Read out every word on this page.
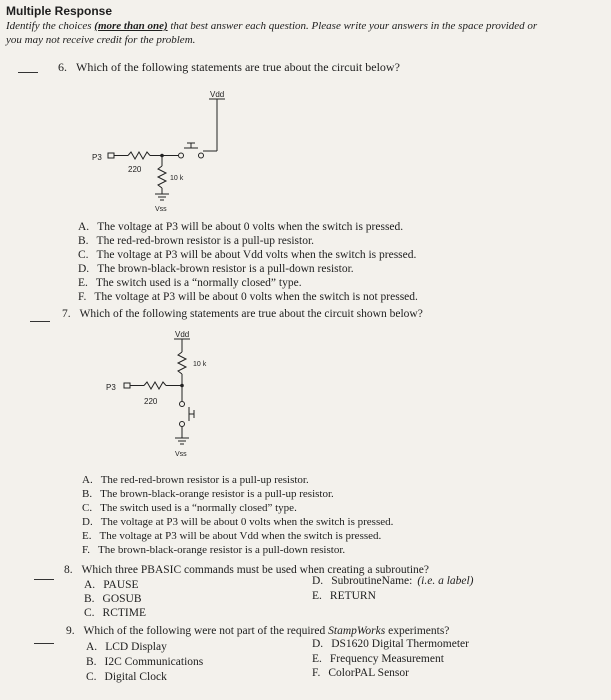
Multiple Response
Identify the choices (more than one) that best answer each question. Please write your answers in the space provided or
you may not receive credit for the problem.
6. Which of the following statements are true about the circuit below?
Vdd
P3
220
10 k
Vss
A. The voltage at P3 will be about 0 volts when the switch is pressed.
B. The red-red-brown resistor is a pull-up resistor.
C. The voltage at P3 will be about Vdd volts when the switch is pressed.
D. The brown-black-brown resistor is a pull-down resistor.
E. The switch used is a “normally closed” type.
F. The voltage at P3 will be about 0 volts when the switch is not pressed.
7. Which of the following statements are true about the circuit shown below?
Vdd
10 k
P3
220
Vss
A. The red-red-brown resistor is a pull-up resistor.
B. The brown-black-orange resistor is a pull-up resistor.
C. The switch used is a “normally closed” type.
D. The voltage at P3 will be about 0 volts when the switch is pressed.
E. The voltage at P3 will be about Vdd when the switch is pressed.
F. The brown-black-orange resistor is a pull-down resistor.
8. Which three PBASIC commands must be used when creating a subroutine?
A. PAUSE
B. GOSUB
C. RCTIME
D. SubroutineName: (i.e. a label)
E. RETURN
9. Which of the following were not part of the required StampWorks experiments?
A. LCD Display
B. I2C Communications
C. Digital Clock
D. DS1620 Digital Thermometer
E. Frequency Measurement
F. ColorPAL Sensor
